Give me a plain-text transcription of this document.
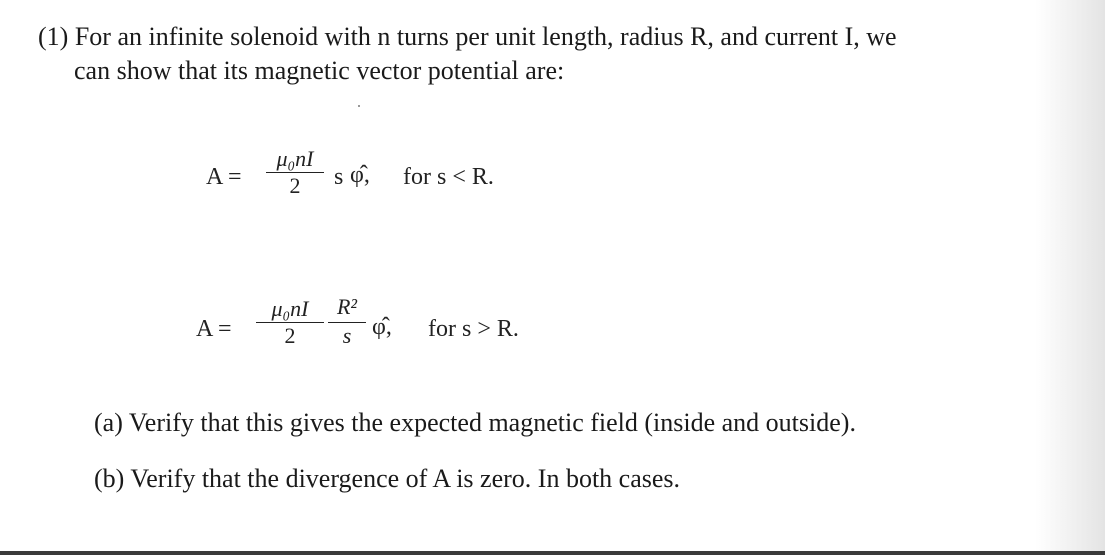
(1) For an infinite solenoid with n turns per unit length, radius R, and current I, we
can show that its magnetic vector potential are:
A =
μ₀nI
2	s φ̂, for s < R.
A =
μ₀nI
2
R²
s φ̂, for s > R.
(a) Verify that this gives the expected magnetic field (inside and outside).
(b) Verify that the divergence of A is zero. In both cases.
